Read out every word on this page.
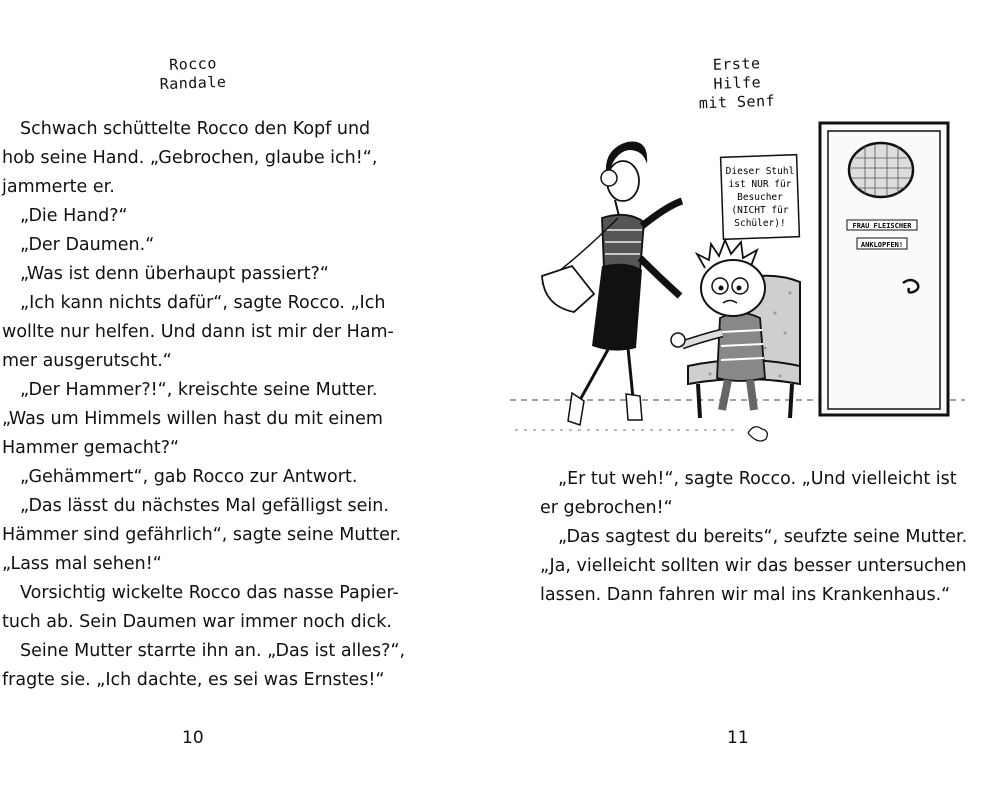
Rocco
Randale

Schwach schüttelte Rocco den Kopf und
hob seine Hand. „Gebrochen, glaube ich!“,
jammerte er.

„Die Hand?“

„Der Daumen.“

„Was ist denn überhaupt passiert?“

„Ich kann nichts dafür“, sagte Rocco. „Ich
wollte nur helfen. Und dann ist mir der Ham-
mer ausgerutscht.“

„Der Hammer?!“, kreischte seine Mutter.
„Was um Himmels willen hast du mit einem
Hammer gemacht?“

„Gehämmert“, gab Rocco zur Antwort.

„Das lässt du nächstes Mal gefälligst sein.
Hämmer sind gefährlich“, sagte seine Mutter.
„Lass mal sehen!“

Vorsichtig wickelte Rocco das nasse Papier-
tuch ab. Sein Daumen war immer noch dick.

Seine Mutter starrte ihn an. „Das ist alles?“,
fragte sie. „Ich dachte, es sei was Ernstes!“

10
Erste Hilfe
mit Senf
FRAU FLEISCHER
ANKLOPFEN!
Dieser Stuhl
ist NUR für
Besucher
(NICHT für
Schüler)!

„Er tut weh!“, sagte Rocco. „Und vielleicht ist
er gebrochen!“

„Das sagtest du bereits“, seufzte seine Mutter.
„Ja, vielleicht sollten wir das besser untersuchen
lassen. Dann fahren wir mal ins Krankenhaus.“

11
